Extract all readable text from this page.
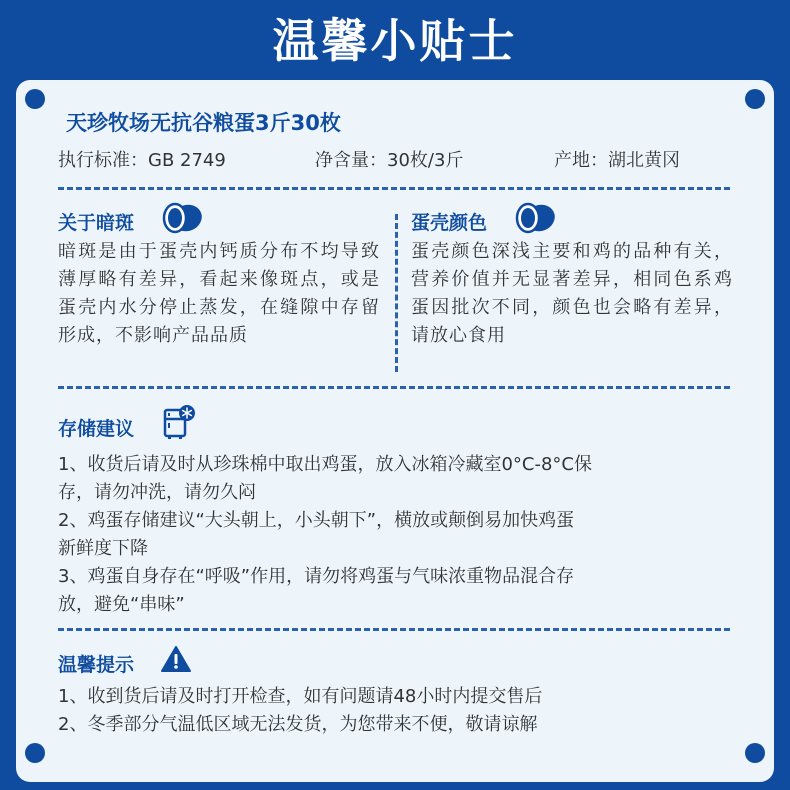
温馨小贴士
天珍牧场无抗谷粮蛋3斤30枚
执行标准：GB 2749	净含量：30枚/3斤	产地：湖北黄冈
关于暗斑
暗斑是由于蛋壳内钙质分布不均导致薄厚略有差异，看起来像斑点，或是蛋壳内水分停止蒸发，在缝隙中存留形成，不影响产品品质
蛋壳颜色
蛋壳颜色深浅主要和鸡的品种有关，营养价值并无显著差异，相同色系鸡蛋因批次不同，颜色也会略有差异，请放心食用
存储建议
1、收货后请及时从珍珠棉中取出鸡蛋，放入冰箱冷藏室0°C-8°C保
存，请勿冲洗，请勿久闷
2、鸡蛋存储建议“大头朝上，小头朝下”，横放或颠倒易加快鸡蛋
新鲜度下降
3、鸡蛋自身存在“呼吸”作用，请勿将鸡蛋与气味浓重物品混合存
放，避免“串味”
温馨提示
1、收到货后请及时打开检查，如有问题请48小时内提交售后
2、冬季部分气温低区域无法发货，为您带来不便，敬请谅解
